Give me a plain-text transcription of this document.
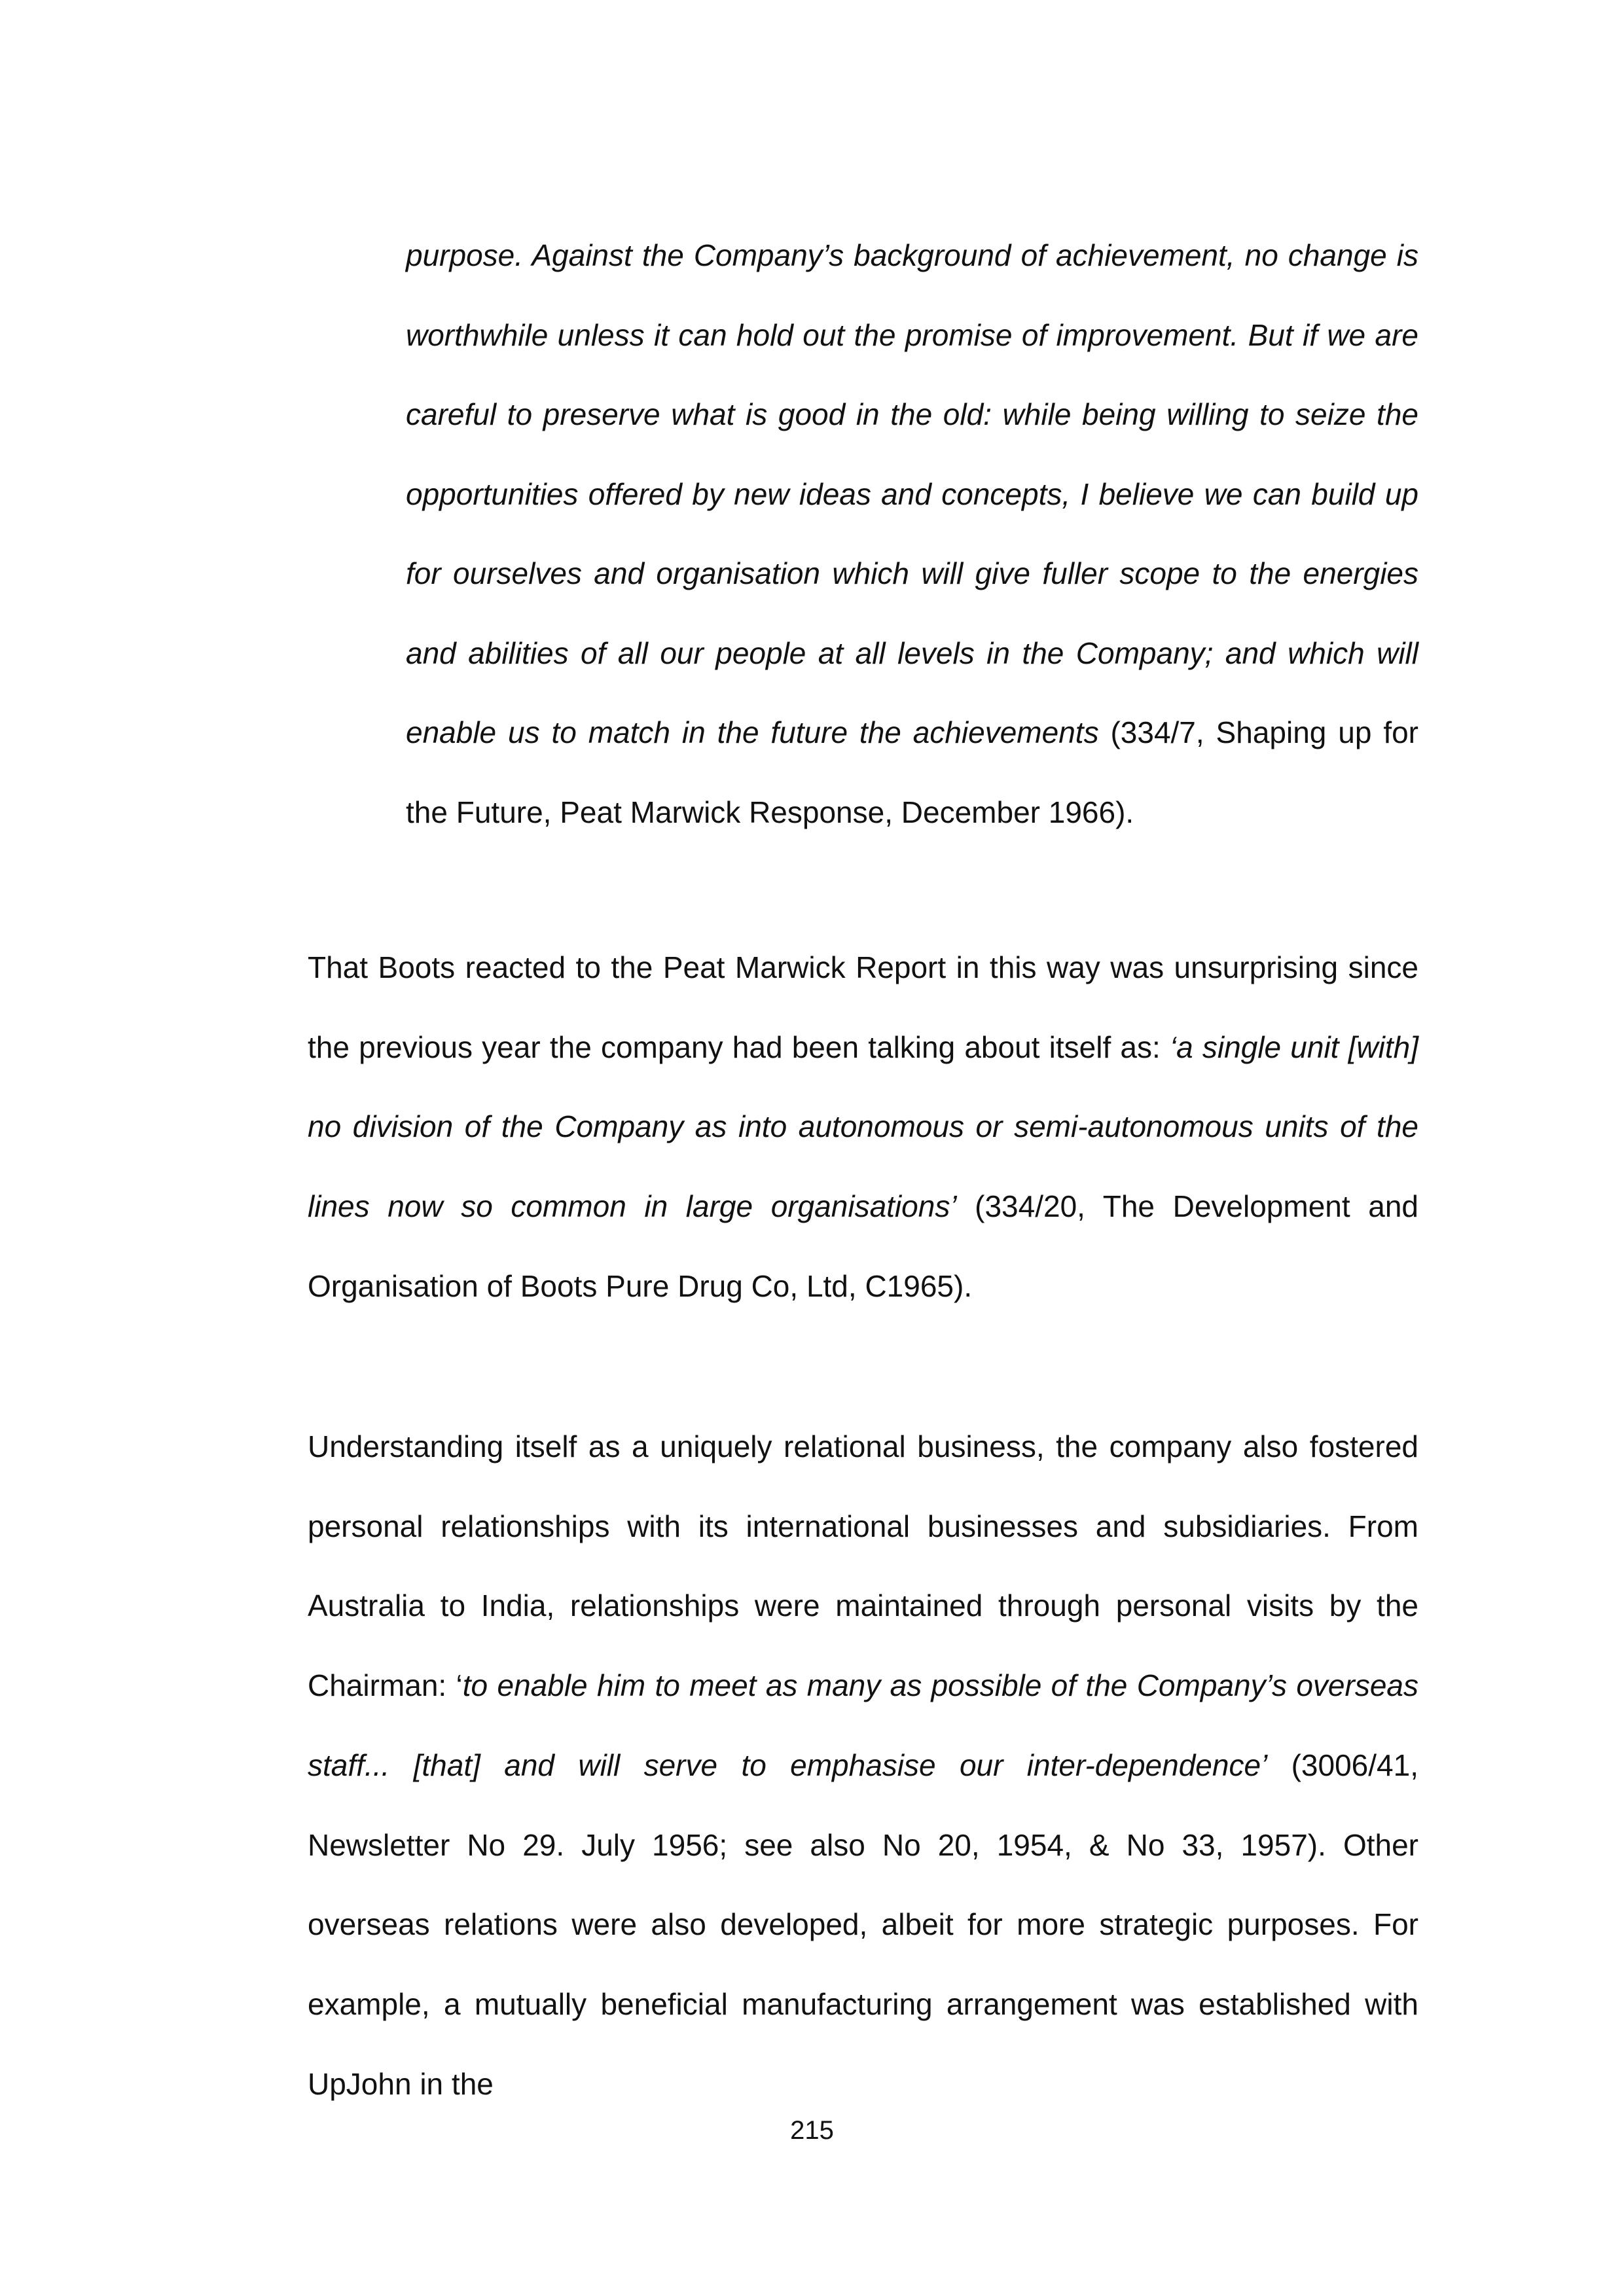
purpose. Against the Company’s background of achievement, no change is worthwhile unless it can hold out the promise of improvement. But if we are careful to preserve what is good in the old: while being willing to seize the opportunities offered by new ideas and concepts, I believe we can build up for ourselves and organisation which will give fuller scope to the energies and abilities of all our people at all levels in the Company; and which will enable us to match in the future the achievements (334/7, Shaping up for the Future, Peat Marwick Response, December 1966).

That Boots reacted to the Peat Marwick Report in this way was unsurprising since the previous year the company had been talking about itself as: ‘a single unit [with] no division of the Company as into autonomous or semi-autonomous units of the lines now so common in large organisations’ (334/20, The Development and Organisation of Boots Pure Drug Co, Ltd, C1965).

Understanding itself as a uniquely relational business, the company also fostered personal relationships with its international businesses and subsidiaries. From Australia to India, relationships were maintained through personal visits by the Chairman: ‘to enable him to meet as many as possible of the Company’s overseas staff... [that] and will serve to emphasise our inter-dependence’ (3006/41, Newsletter No 29. July 1956; see also No 20, 1954, & No 33, 1957). Other overseas relations were also developed, albeit for more strategic purposes. For example, a mutually beneficial manufacturing arrangement was established with UpJohn in the

215
